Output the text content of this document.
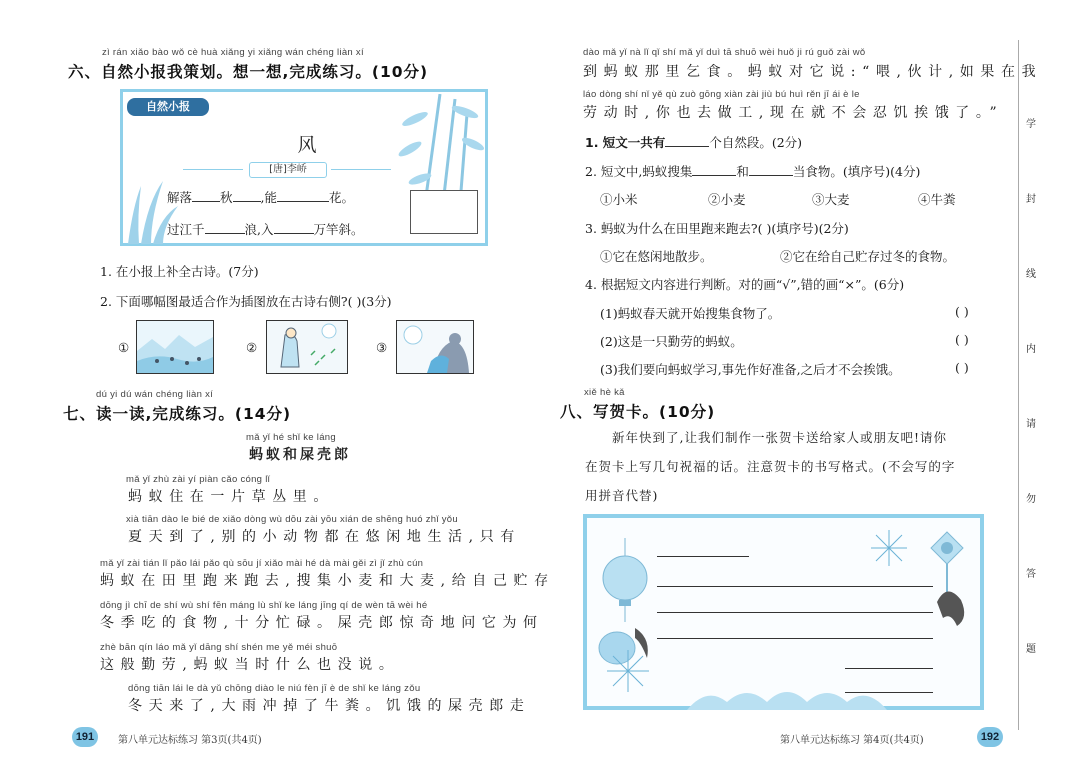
zì rán xiǎo bào wǒ cè huà xiǎng yi xiǎng wán chéng liàn xí
六、自然小报我策划。想一想,完成练习。(10分)
自然小报
风
[唐]李峤
解落 秋 ,能	花。
过江千	浪,入	万竿斜。
1. 在小报上补全古诗。(7分)
2. 下面哪幅图最适合作为插图放在古诗右侧?( )(3分)
①	②	③
dú yi dú wán chéng liàn xí
七、读一读,完成练习。(14分)
mǎ yǐ hé shǐ ke láng
蚂蚁和屎壳郎
mǎ yǐ zhù zài yí piàn cǎo cóng lǐ
蚂蚁住在一片草丛里。
xià tiān dào le bié de xiǎo dòng wù dōu zài yōu xián de shēng huó zhǐ yǒu
夏天到了,别的小动物都在悠闲地生活,只有
mǎ yǐ zài tián lǐ pǎo lái pǎo qù sōu jí xiǎo mài hé dà mài gěi zì jǐ zhù cún
蚂蚁在田里跑来跑去,搜集小麦和大麦,给自己贮存
dōng jì chī de shí wù shí fēn máng lù shǐ ke láng jīng qí de wèn tā wèi hé
冬季吃的食物,十分忙碌。屎壳郎惊奇地问它为何
zhè bān qín láo mǎ yǐ dāng shí shén me yě méi shuō
这般勤劳,蚂蚁当时什么也没说。
dōng tiān lái le dà yǔ chōng diào le niú fèn jī è de shǐ ke láng zǒu
冬天来了,大雨冲掉了牛粪。饥饿的屎壳郎走
191	第八单元达标练习 第3页(共4页)
dào mǎ yǐ nà lǐ qǐ shí mǎ yǐ duì tā shuō wèi huǒ ji rú guǒ zài wǒ
到蚂蚁那里乞食。蚂蚁对它说:“喂,伙计,如果在我
láo dòng shí nǐ yě qù zuò gōng xiàn zài jiù bú huì rěn jī ái è le
劳动时,你也去做工,现在就不会忍饥挨饿了。”
1. 短文一共有	个自然段。(2分)
2. 短文中,蚂蚁搜集	和	当食物。(填序号)(4分)
①小米	②小麦	③大麦	④牛粪
3. 蚂蚁为什么在田里跑来跑去?( )(填序号)(2分)
①它在悠闲地散步。	②它在给自己贮存过冬的食物。
4. 根据短文内容进行判断。对的画“√”,错的画“×”。(6分)
(1)蚂蚁春天就开始搜集食物了。	( )
(2)这是一只勤劳的蚂蚁。	( )
(3)我们要向蚂蚁学习,事先作好准备,之后才不会挨饿。	( )
xiě hè kǎ
八、写贺卡。(10分)
新年快到了,让我们制作一张贺卡送给家人或朋友吧!请你
在贺卡上写几句祝福的话。注意贺卡的书写格式。(不会写的字
用拼音代替)
第八单元达标练习 第4页(共4页)	192
学
封
线
内
请
勿
答
题
